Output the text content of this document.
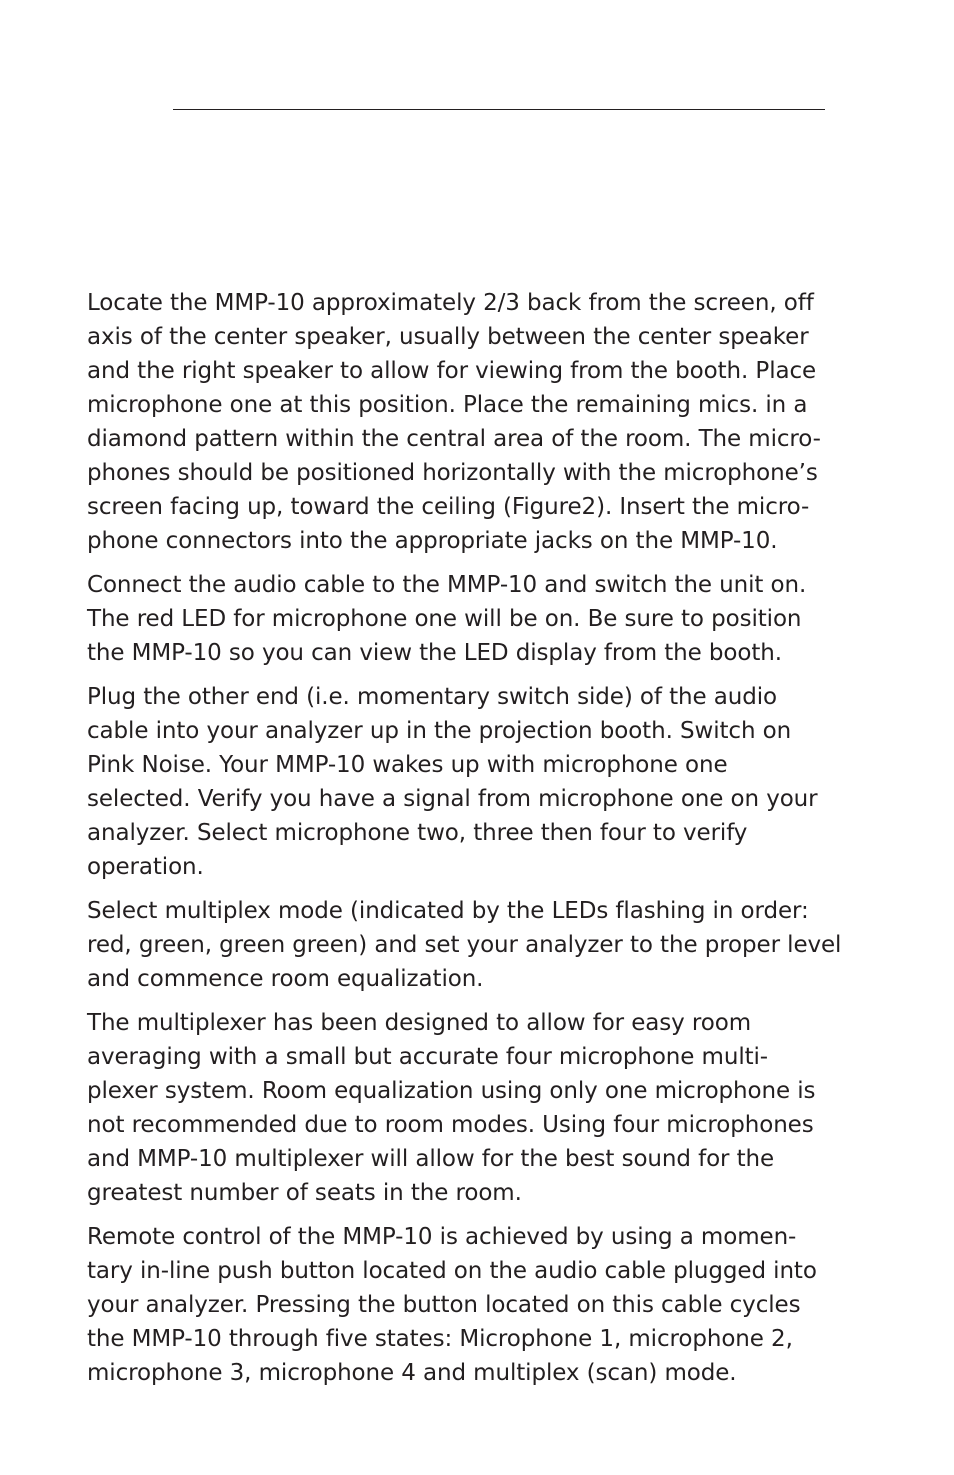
Locate the MMP-10 approximately 2/3 back from the screen, off
axis of the center speaker, usually between the center speaker
and the right speaker to allow for viewing from the booth. Place
microphone one at this position. Place the remaining mics. in a
diamond pattern within the central area of the room. The micro-
phones should be positioned horizontally with the microphone’s
screen facing up, toward the ceiling (Figure2). Insert the micro-
phone connectors into the appropriate jacks on the MMP-10.

Connect the audio cable to the MMP-10 and switch the unit on.
The red LED for microphone one will be on. Be sure to position
the MMP-10 so you can view the LED display from the booth.

Plug the other end (i.e. momentary switch side) of the audio
cable into your analyzer up in the projection booth. Switch on
Pink Noise. Your MMP-10 wakes up with microphone one
selected. Verify you have a signal from microphone one on your
analyzer. Select microphone two, three then four to verify
operation.

Select multiplex mode (indicated by the LEDs flashing in order:
red, green, green green) and set your analyzer to the proper level
and commence room equalization.

The multiplexer has been designed to allow for easy room
averaging with a small but accurate four microphone multi-
plexer system. Room equalization using only one microphone is
not recommended due to room modes. Using four microphones
and MMP-10 multiplexer will allow for the best sound for the
greatest number of seats in the room.

Remote control of the MMP-10 is achieved by using a momen-
tary in-line push button located on the audio cable plugged into
your analyzer. Pressing the button located on this cable cycles
the MMP-10 through five states: Microphone 1, microphone 2,
microphone 3, microphone 4 and multiplex (scan) mode.
